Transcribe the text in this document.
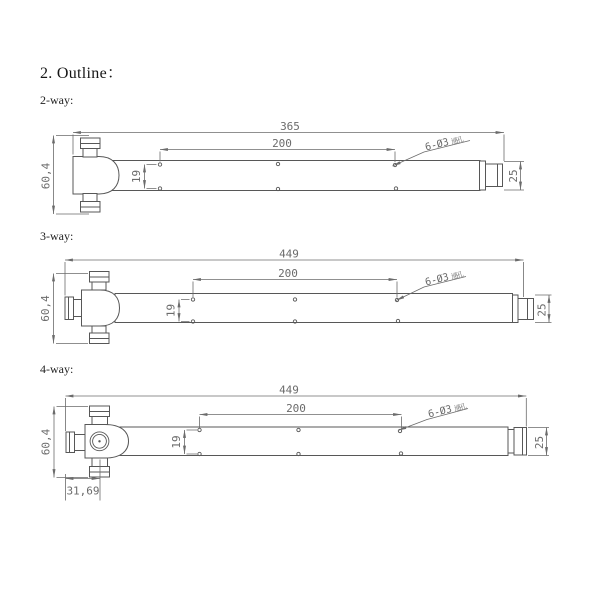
365
200
60,4	19	25
6-Ø3 通孔
449
200
60,4	19	25
6-Ø3 通孔
449
200
60,4	19	25
31,69
6-Ø3 通孔
2. Outline：
2-way:
3-way:
4-way:
